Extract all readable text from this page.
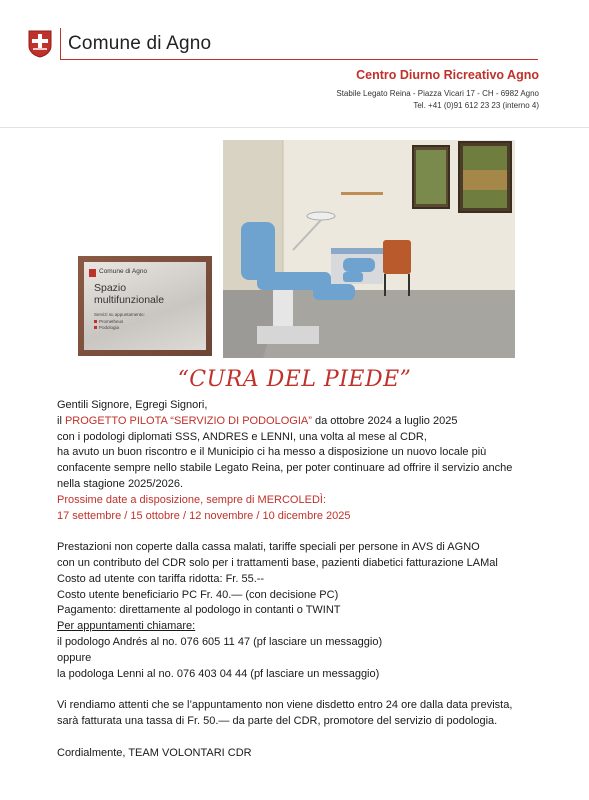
Comune di Agno
Centro Diurno Ricreativo Agno
Stabile Legato Reina - Piazza Vicari 17 - CH - 6982 Agno
Tel. +41 (0)91 612 23 23 (interno 4)
Comune di Agno
Spazio
multifunzionale
Servizi su appuntamento:
Prometheus
Podologia
“CURA DEL PIEDE”

Gentili Signore, Egregi Signori,

il PROGETTO PILOTA “SERVIZIO DI PODOLOGIA” da ottobre 2024 a luglio 2025

con i podologi diplomati SSS, ANDRES e LENNI, una volta al mese al CDR,

ha avuto un buon riscontro e il Municipio ci ha messo a disposizione un nuovo locale più

confacente sempre nello stabile Legato Reina, per poter continuare ad offrire il servizio anche

nella stagione 2025/2026.

Prossime date a disposizione, sempre di MERCOLEDÌ:

17 settembre / 15 ottobre / 12 novembre / 10 dicembre 2025

Prestazioni non coperte dalla cassa malati, tariffe speciali per persone in AVS di AGNO

con un contributo del CDR solo per i trattamenti base, pazienti diabetici fatturazione LAMal

Costo ad utente con tariffa ridotta: Fr. 55.--

Costo utente beneficiario PC Fr. 40.— (con decisione PC)

Pagamento: direttamente al podologo in contanti o TWINT

Per appuntamenti chiamare:

il podologo Andrés al no. 076 605 11 47 (pf lasciare un messaggio)

oppure

la podologa Lenni al no. 076 403 04 44 (pf lasciare un messaggio)

Vi rendiamo attenti che se l’appuntamento non viene disdetto entro 24 ore dalla data prevista,

sarà fatturata una tassa di Fr. 50.— da parte del CDR, promotore del servizio di podologia.

Cordialmente, TEAM VOLONTARI CDR
